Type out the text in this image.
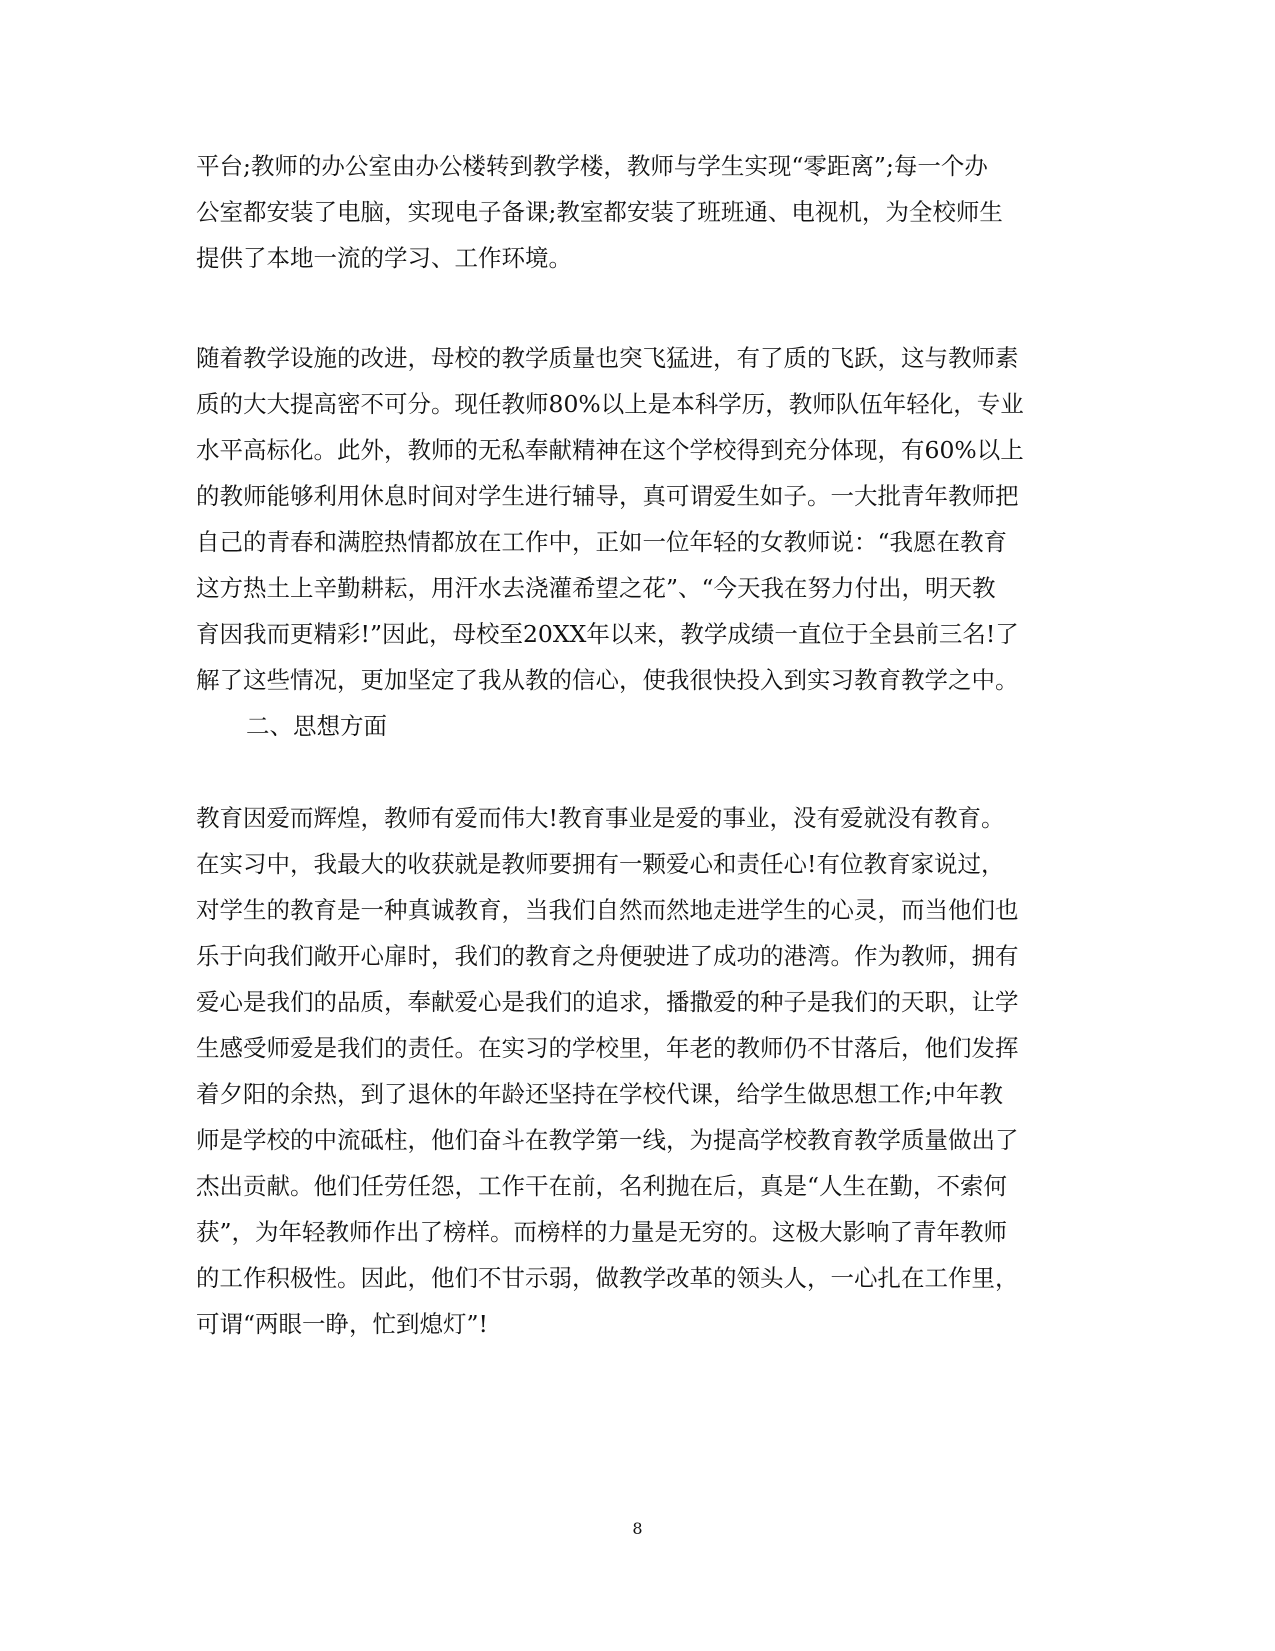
平台;教师的办公室由办公楼转到教学楼，教师与学生实现“零距离”;每一个办
公室都安装了电脑，实现电子备课;教室都安装了班班通、电视机，为全校师生
提供了本地一流的学习、工作环境。
随着教学设施的改进，母校的教学质量也突飞猛进，有了质的飞跃，这与教师素
质的大大提高密不可分。现任教师80%以上是本科学历，教师队伍年轻化，专业
水平高标化。此外，教师的无私奉献精神在这个学校得到充分体现，有60%以上
的教师能够利用休息时间对学生进行辅导，真可谓爱生如子。一大批青年教师把
自己的青春和满腔热情都放在工作中，正如一位年轻的女教师说：“我愿在教育
这方热土上辛勤耕耘，用汗水去浇灌希望之花”、“今天我在努力付出，明天教
育因我而更精彩!”因此，母校至20XX年以来，教学成绩一直位于全县前三名!了
解了这些情况，更加坚定了我从教的信心，使我很快投入到实习教育教学之中。
二、思想方面
教育因爱而辉煌，教师有爱而伟大!教育事业是爱的事业，没有爱就没有教育。
在实习中，我最大的收获就是教师要拥有一颗爱心和责任心!有位教育家说过，
对学生的教育是一种真诚教育，当我们自然而然地走进学生的心灵，而当他们也
乐于向我们敞开心扉时，我们的教育之舟便驶进了成功的港湾。作为教师，拥有
爱心是我们的品质，奉献爱心是我们的追求，播撒爱的种子是我们的天职，让学
生感受师爱是我们的责任。在实习的学校里，年老的教师仍不甘落后，他们发挥
着夕阳的余热，到了退休的年龄还坚持在学校代课，给学生做思想工作;中年教
师是学校的中流砥柱，他们奋斗在教学第一线，为提高学校教育教学质量做出了
杰出贡献。他们任劳任怨，工作干在前，名利抛在后，真是“人生在勤，不索何
获”，为年轻教师作出了榜样。而榜样的力量是无穷的。这极大影响了青年教师
的工作积极性。因此，他们不甘示弱，做教学改革的领头人，一心扎在工作里，
可谓“两眼一睁，忙到熄灯”!
8
